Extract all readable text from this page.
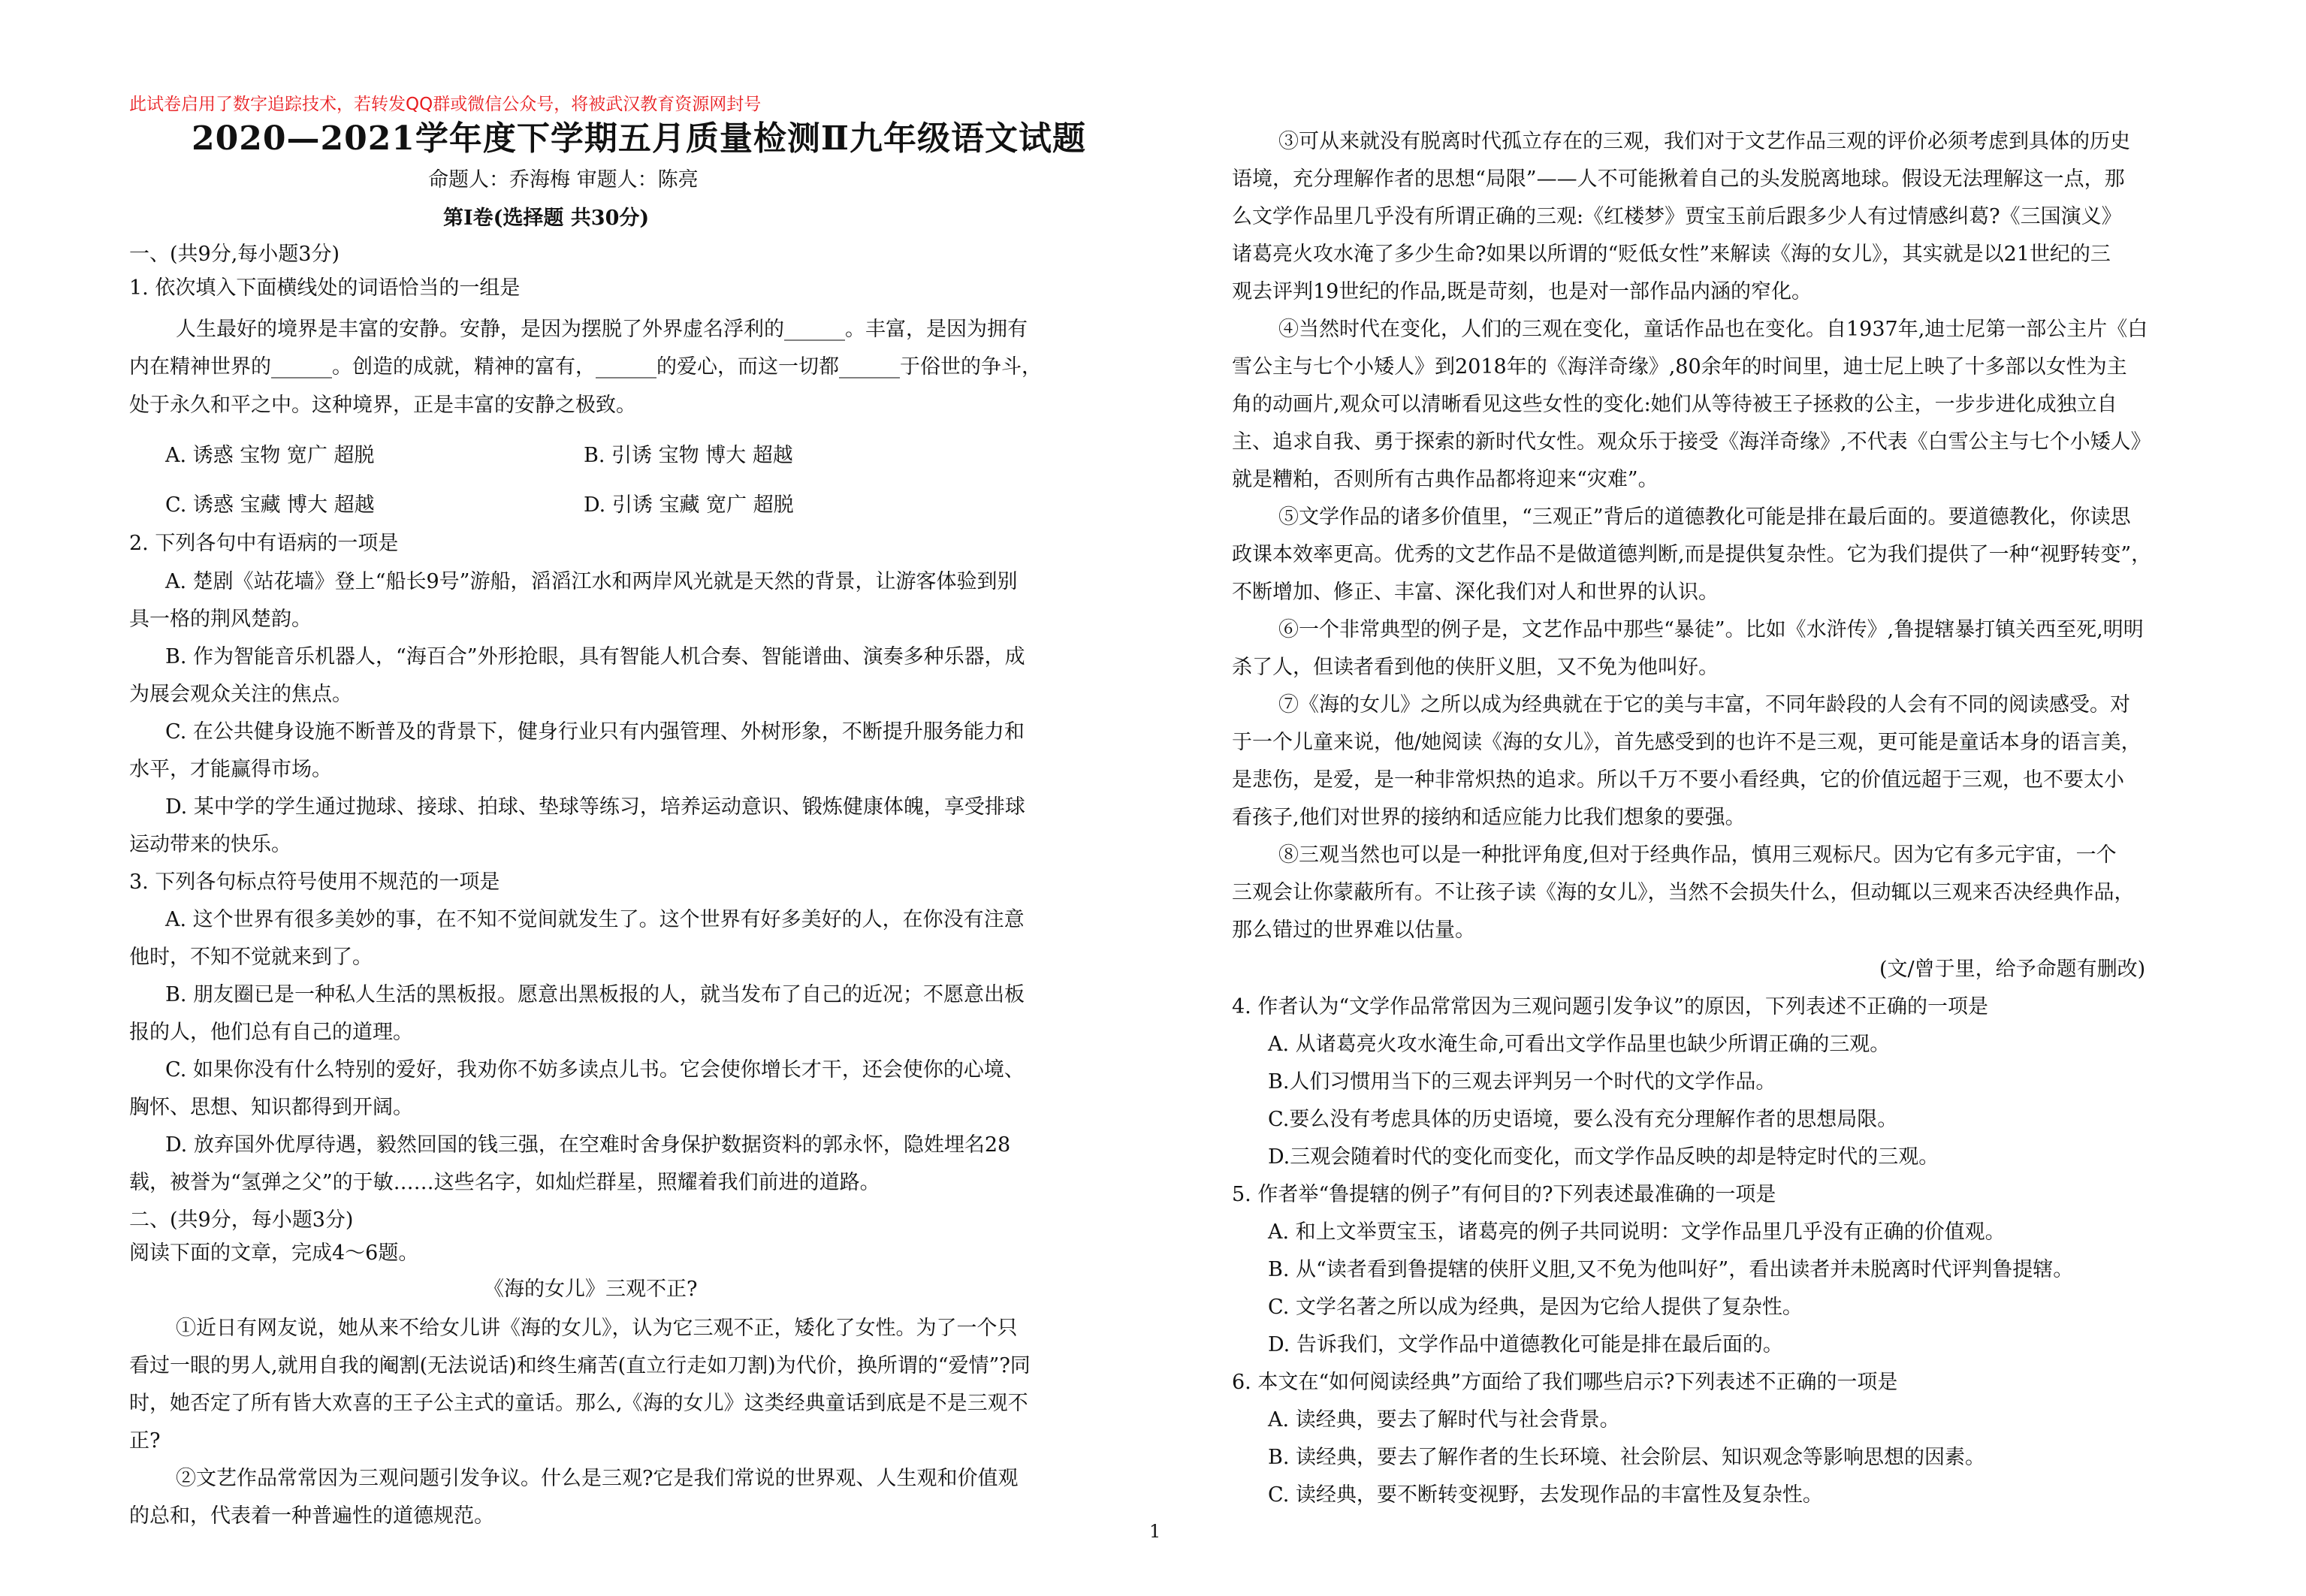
此试卷启用了数字追踪技术，若转发QQ群或微信公众号，将被武汉教育资源网封号
2020—2021学年度下学期五月质量检测Ⅱ九年级语文试题
命题人：乔海梅 审题人：陈亮
第Ⅰ卷(选择题 共30分)
一、(共9分,每小题3分)
1. 依次填入下面横线处的词语恰当的一组是
人生最好的境界是丰富的安静。安静，是因为摆脱了外界虚名浮利的______。丰富，是因为拥有
内在精神世界的______。创造的成就，精神的富有，______的爱心，而这一切都______于俗世的争斗，
处于永久和平之中。这种境界，正是丰富的安静之极致。
A. 诱惑 宝物 宽广 超脱	B. 引诱 宝物 博大 超越
C. 诱惑 宝藏 博大 超越	D. 引诱 宝藏 宽广 超脱
2. 下列各句中有语病的一项是
A. 楚剧《站花墙》登上“船长9号”游船，滔滔江水和两岸风光就是天然的背景，让游客体验到别
具一格的荆风楚韵。
B. 作为智能音乐机器人，“海百合”外形抢眼，具有智能人机合奏、智能谱曲、演奏多种乐器，成
为展会观众关注的焦点。
C. 在公共健身设施不断普及的背景下，健身行业只有内强管理、外树形象，不断提升服务能力和
水平，才能赢得市场。
D. 某中学的学生通过抛球、接球、拍球、垫球等练习，培养运动意识、锻炼健康体魄，享受排球
运动带来的快乐。
3. 下列各句标点符号使用不规范的一项是
A. 这个世界有很多美妙的事，在不知不觉间就发生了。这个世界有好多美好的人，在你没有注意
他时，不知不觉就来到了。
B. 朋友圈已是一种私人生活的黑板报。愿意出黑板报的人，就当发布了自己的近况；不愿意出板
报的人，他们总有自己的道理。
C. 如果你没有什么特别的爱好，我劝你不妨多读点儿书。它会使你增长才干，还会使你的心境、
胸怀、思想、知识都得到开阔。
D. 放弃国外优厚待遇，毅然回国的钱三强，在空难时舍身保护数据资料的郭永怀，隐姓埋名28
载，被誉为“氢弹之父”的于敏……这些名字，如灿烂群星，照耀着我们前进的道路。
二、(共9分，每小题3分)
阅读下面的文章，完成4～6题。
《海的女儿》三观不正?
①近日有网友说，她从来不给女儿讲《海的女儿》，认为它三观不正，矮化了女性。为了一个只
看过一眼的男人,就用自我的阉割(无法说话)和终生痛苦(直立行走如刀割)为代价，换所谓的“爱情”?同
时，她否定了所有皆大欢喜的王子公主式的童话。那么,《海的女儿》这类经典童话到底是不是三观不
正?
②文艺作品常常因为三观问题引发争议。什么是三观?它是我们常说的世界观、人生观和价值观
的总和，代表着一种普遍性的道德规范。
③可从来就没有脱离时代孤立存在的三观，我们对于文艺作品三观的评价必须考虑到具体的历史
语境，充分理解作者的思想“局限”——人不可能揪着自己的头发脱离地球。假设无法理解这一点，那
么文学作品里几乎没有所谓正确的三观:《红楼梦》贾宝玉前后跟多少人有过情感纠葛?《三国演义》
诸葛亮火攻水淹了多少生命?如果以所谓的“贬低女性”来解读《海的女儿》，其实就是以21世纪的三
观去评判19世纪的作品,既是苛刻，也是对一部作品内涵的窄化。
④当然时代在变化，人们的三观在变化，童话作品也在变化。自1937年,迪士尼第一部公主片《白
雪公主与七个小矮人》到2018年的《海洋奇缘》,80余年的时间里，迪士尼上映了十多部以女性为主
角的动画片,观众可以清晰看见这些女性的变化:她们从等待被王子拯救的公主，一步步进化成独立自
主、追求自我、勇于探索的新时代女性。观众乐于接受《海洋奇缘》,不代表《白雪公主与七个小矮人》
就是糟粕，否则所有古典作品都将迎来“灾难”。
⑤文学作品的诸多价值里，“三观正”背后的道德教化可能是排在最后面的。要道德教化，你读思
政课本效率更高。优秀的文艺作品不是做道德判断,而是提供复杂性。它为我们提供了一种“视野转变”，
不断增加、修正、丰富、深化我们对人和世界的认识。
⑥一个非常典型的例子是，文艺作品中那些“暴徒”。比如《水浒传》,鲁提辖暴打镇关西至死,明明
杀了人，但读者看到他的侠肝义胆，又不免为他叫好。
⑦《海的女儿》之所以成为经典就在于它的美与丰富，不同年龄段的人会有不同的阅读感受。对
于一个儿童来说，他/她阅读《海的女儿》，首先感受到的也许不是三观，更可能是童话本身的语言美，
是悲伤，是爱，是一种非常炽热的追求。所以千万不要小看经典，它的价值远超于三观，也不要太小
看孩子,他们对世界的接纳和适应能力比我们想象的要强。
⑧三观当然也可以是一种批评角度,但对于经典作品，慎用三观标尺。因为它有多元宇宙，一个
三观会让你蒙蔽所有。不让孩子读《海的女儿》，当然不会损失什么，但动辄以三观来否决经典作品，
那么错过的世界难以估量。
(文/曾于里，给予命题有删改)
4. 作者认为“文学作品常常因为三观问题引发争议”的原因，下列表述不正确的一项是
A. 从诸葛亮火攻水淹生命,可看出文学作品里也缺少所谓正确的三观。
B.人们习惯用当下的三观去评判另一个时代的文学作品。
C.要么没有考虑具体的历史语境，要么没有充分理解作者的思想局限。
D.三观会随着时代的变化而变化，而文学作品反映的却是特定时代的三观。
5. 作者举“鲁提辖的例子”有何目的?下列表述最准确的一项是
A. 和上文举贾宝玉，诸葛亮的例子共同说明：文学作品里几乎没有正确的价值观。
B. 从“读者看到鲁提辖的侠肝义胆,又不免为他叫好”，看出读者并未脱离时代评判鲁提辖。
C. 文学名著之所以成为经典，是因为它给人提供了复杂性。
D. 告诉我们，文学作品中道德教化可能是排在最后面的。
6. 本文在“如何阅读经典”方面给了我们哪些启示?下列表述不正确的一项是
A. 读经典，要去了解时代与社会背景。
B. 读经典，要去了解作者的生长环境、社会阶层、知识观念等影响思想的因素。
C. 读经典，要不断转变视野，去发现作品的丰富性及复杂性。
1
